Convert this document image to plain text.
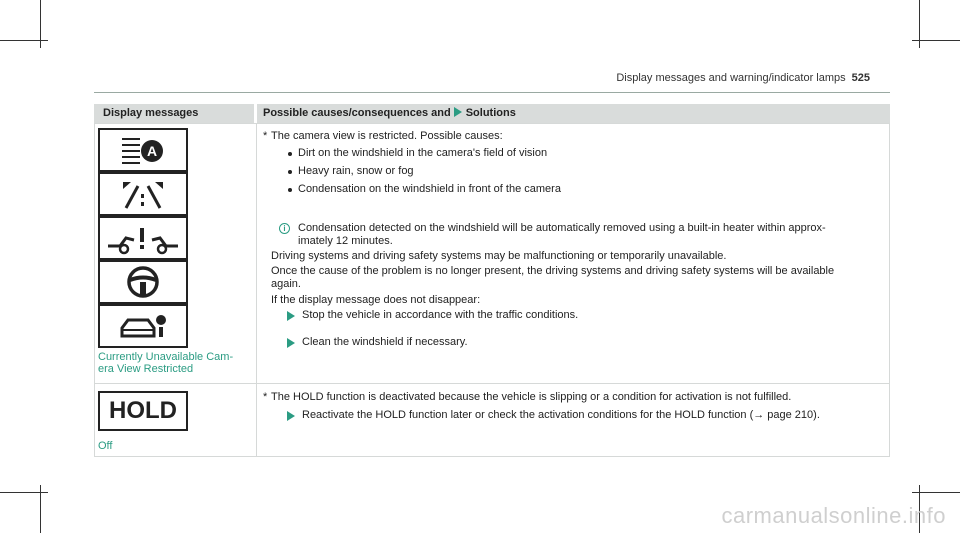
Display messages and warning/indicator lamps 525
Display messages	Possible causes/consequences and Solutions
A
Currently Unavailable Cam-
era View Restricted
* The camera view is restricted. Possible causes:
Dirt on the windshield in the camera's field of vision
Heavy rain, snow or fog
Condensation on the windshield in front of the camera
i	Condensation detected on the windshield will be automatically removed using a built-in heater within approx-
imately 12 minutes.
Driving systems and driving safety systems may be malfunctioning or temporarily unavailable.
Once the cause of the problem is no longer present, the driving systems and driving safety systems will be available
again.
If the display message does not disappear:
Stop the vehicle in accordance with the traffic conditions.
Clean the windshield if necessary.
HOLD
Off
* The HOLD function is deactivated because the vehicle is slipping or a condition for activation is not fulfilled.
Reactivate the HOLD function later or check the activation conditions for the HOLD function (→ page 210).
carmanualsonline.info
